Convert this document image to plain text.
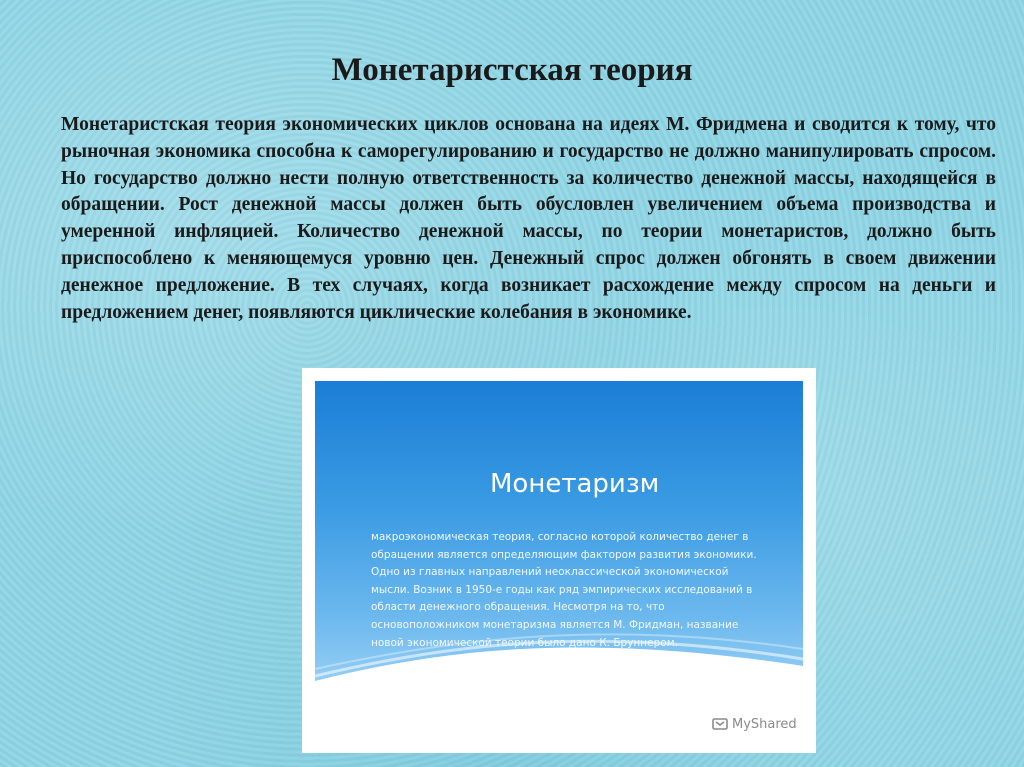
Монетаристская теория

Монетаристская теория экономических циклов основана на идеях М. Фридмена и сводится к тому, что рыночная экономика способна к саморегулированию и государство не должно манипулировать спросом. Но государство должно нести полную ответственность за количество денежной массы, находящейся в обращении. Рост денежной массы должен быть обусловлен увеличением объема производства и умеренной инфляцией. Количество денежной массы, по теории монетаристов, должно быть приспособлено к меняющемуся уровню цен. Денежный спрос должен обгонять в своем движении денежное предложение. В тех случаях, когда возникает расхождение между спросом на деньги и предложением денег, появляются циклические колебания в экономике.

Монетаризм

макроэкономическая теория, согласно которой количество денег в обращении является определяющим фактором развития экономики. Одно из главных направлений неоклассической экономической мысли. Возник в 1950-е годы как ряд эмпирических исследований в области денежного обращения. Несмотря на то, что основоположником монетаризма является М. Фридман, название новой экономической теории было дано К. Бруннером.

MyShared
